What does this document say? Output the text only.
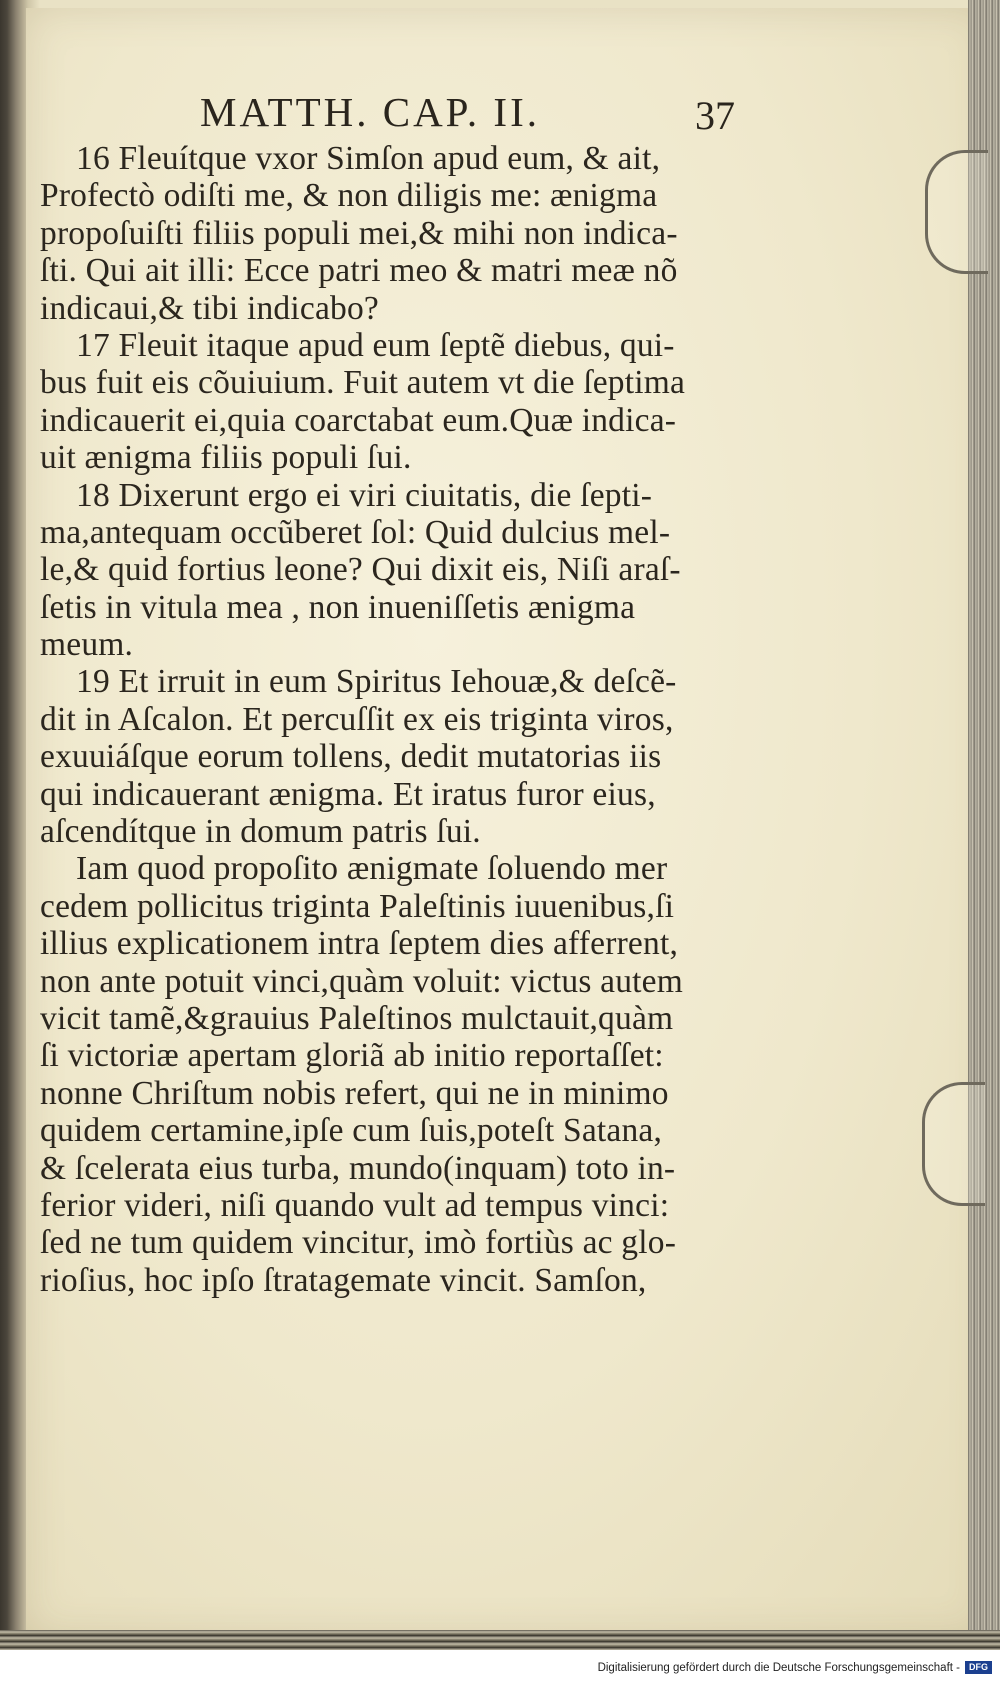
MATTH. CAP. II.	37
16 Fleuítque vxor Simſon apud eum, & ait,
Profectò odiſti me, & non diligis me: ænigma
propoſuiſti filiis populi mei,& mihi non indica-
ſti. Qui ait illi: Ecce patri meo & matri meæ nõ
indicaui,& tibi indicabo?
17 Fleuit itaque apud eum ſeptẽ diebus, qui-
bus fuit eis cõuiuium. Fuit autem vt die ſeptima
indicauerit ei,quia coarctabat eum.Quæ indica-
uit ænigma filiis populi ſui.
18 Dixerunt ergo ei viri ciuitatis, die ſepti-
ma,antequam occũberet ſol: Quid dulcius mel-
le,& quid fortius leone? Qui dixit eis, Niſi araſ-
ſetis in vitula mea , non inueniſſetis ænigma
meum.
19 Et irruit in eum Spiritus Iehouæ,& deſcẽ-
dit in Aſcalon. Et percuſſit ex eis triginta viros,
exuuiáſque eorum tollens, dedit mutatorias iis
qui indicauerant ænigma. Et iratus furor eius,
aſcendítque in domum patris ſui.
Iam quod propoſito ænigmate ſoluendo mer
cedem pollicitus triginta Paleſtinis iuuenibus,ſi
illius explicationem intra ſeptem dies afferrent,
non ante potuit vinci,quàm voluit: victus autem
vicit tamẽ,&grauius Paleſtinos mulctauit,quàm
ſi victoriæ apertam gloriã ab initio reportaſſet:
nonne Chriſtum nobis refert, qui ne in minimo
quidem certamine,ipſe cum ſuis,poteſt Satana,
& ſcelerata eius turba, mundo(inquam) toto in-
ferior videri, niſi quando vult ad tempus vinci:
ſed ne tum quidem vincitur, imò fortiùs ac glo-
rioſius, hoc ipſo ſtratagemate vincit. Samſon,
Digitalisierung gefördert durch die Deutsche Forschungsgemeinschaft -	DFG
